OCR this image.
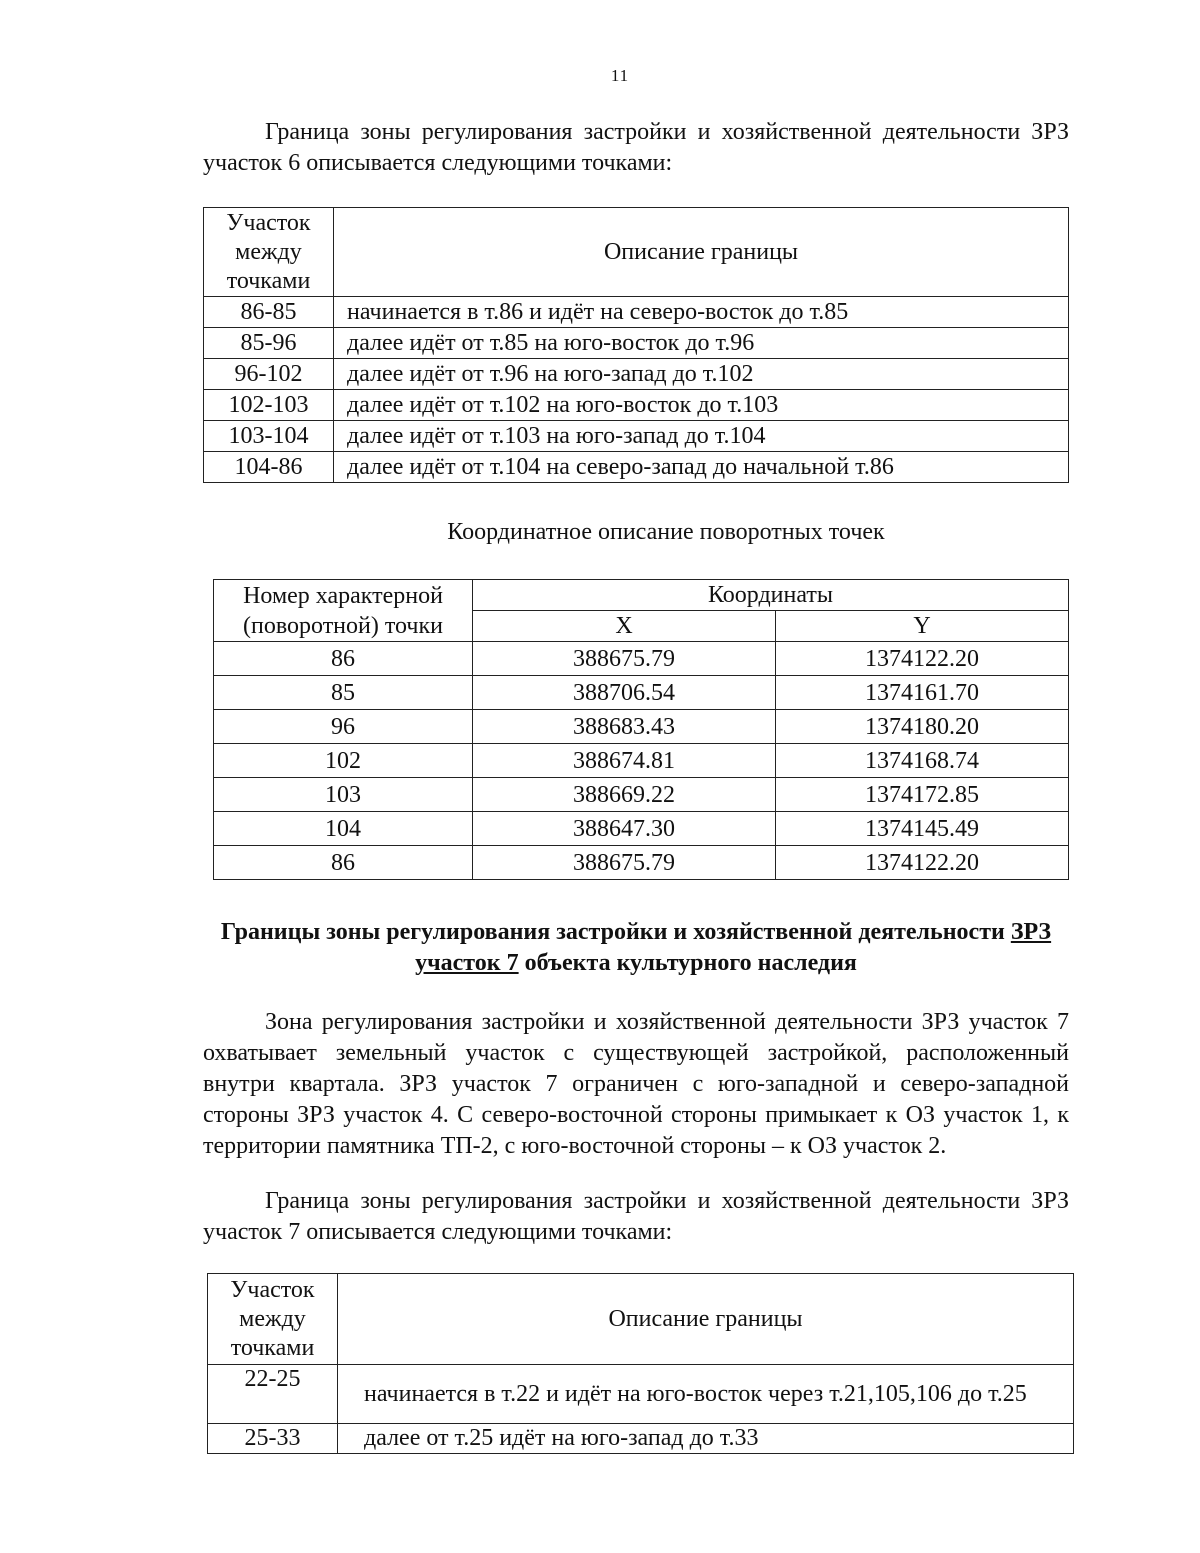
11

Граница зоны регулирования застройки и хозяйственной деятельности ЗРЗ участок 6 описывается следующими точками:

Участок между точками	Описание границы
86-85	начинается в т.86 и идёт на северо-восток до т.85
85-96	далее идёт от т.85 на юго-восток до т.96
96-102	далее идёт от т.96 на юго-запад до т.102
102-103	далее идёт от т.102 на юго-восток до т.103
103-104	далее идёт от т.103 на юго-запад до т.104
104-86	далее идёт от т.104 на северо-запад до начальной т.86
Координатное описание поворотных точек
Номер характерной (поворотной) точки	Координаты	
	X	Y
86	388675.79	1374122.20
85	388706.54	1374161.70
96	388683.43	1374180.20
102	388674.81	1374168.74
103	388669.22	1374172.85
104	388647.30	1374145.49
86	388675.79	1374122.20

Границы зоны регулирования застройки и хозяйственной деятельности ЗРЗ участок 7 объекта культурного наследия

Зона регулирования застройки и хозяйственной деятельности ЗРЗ участок 7 охватывает земельный участок с существующей застройкой, расположенный внутри квартала. ЗРЗ участок 7 ограничен с юго-западной и северо-западной стороны ЗРЗ участок 4. С северо-восточной стороны примыкает к ОЗ участок 1, к территории памятника ТП-2, с юго-восточной стороны – к ОЗ участок 2.

Граница зоны регулирования застройки и хозяйственной деятельности ЗРЗ участок 7 описывается следующими точками:

Участок между точками	Описание границы
22-25	начинается в т.22 и идёт на юго-восток через т.21,105,106 до т.25
25-33	далее от т.25 идёт на юго-запад до т.33
